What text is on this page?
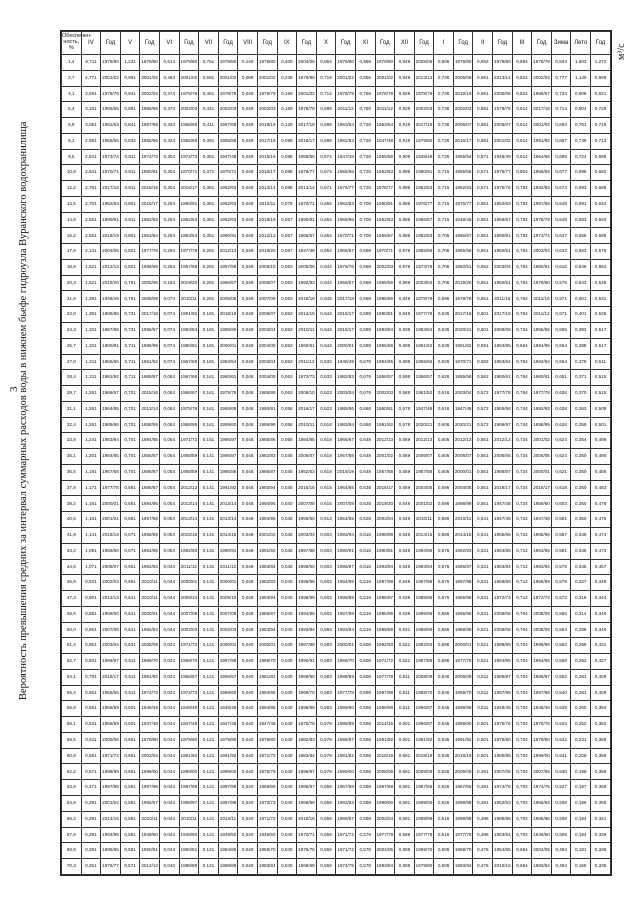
3
Вероятность превышения средних за интервал суммарных расходов воды в нижнем бьефе гидроузла Вуранского водохранилища
м³/с
Обеспечен-ность, %	IV	Год	V	Год	VI	Год	VII	Год	VIII	Год	IX	Год	X	Год	XI	Год	XII	Год	I	Год	II	Год	III	Год	Зима	Лето	Год
1,4	6,711	1979/80	1,231	1979/80	0,614	1979/80	0,761	1979/80	0,149	1979/80	0,400	2004/05	0,864	1979/80	0,958	1979/80	0,949	2005/06	0,806	1979/80	0,692	1979/80	0,884	1978/79	0,843	1,603	1,272
2,7	4,771	2001/02	0,991	2001/02	0,484	2001/02	0,591	2001/02	0,089	2001/02	0,239	1979/80	0,719	2001/02	0,855	2001/02	0,949	2013/14	0,736	2005/06	0,691	2013/14	0,824	2002/03	0,777	1,140	0,999
4,1	3,691	1978/79	0,941	2002/03	0,374	1978/79	0,461	1978/79	0,049	1978/79	0,169	2001/02	0,714	1978/79	0,768	1978/79	0,929	1978/79	0,736	2018/19	0,691	2005/06	0,824	1966/67	0,734	0,908	0,821
5,4	3,161	1965/66	0,881	1965/66	0,374	2002/03	0,441	2002/03	0,049	2002/03	0,169	1978/79	0,689	2011/12	0,768	2011/12	0,929	2002/03	0,736	2002/03	0,691	1978/79	0,814	2017/18	0,714	0,904	0,728
6,8	3,051	1962/63	0,841	1967/68	0,334	1965/66	0,411	1967/68	0,049	2018/19	0,128	2017/18	0,688	1963/64	0,728	1963/64	0,919	2017/18	0,736	2006/07	0,681	2006/07	0,814	2001/02	0,694	0,761	0,718
8,1	2,981	1955/56	0,832	1955/56	0,324	1955/56	0,391	1955/56	0,049	2017/18	0,098	2016/17	0,688	1962/63	0,728	1947/48	0,919	1979/80	0,726	2016/17	0,681	2001/02	0,814	1991/92	0,687	0,746	0,713
9,5	2,841	1973/74	0,811	1972/73	0,304	1972/73	0,381	1947/48	0,049	2015/16	0,088	1955/56	0,674	1947/48	0,728	1955/56	0,909	1948/49	0,726	1955/54	0,671	1948/49	0,814	1964/65	0,685	0,724	0,699
10,8	2,841	1970/71	0,811	1980/81	0,304	1970/71	0,371	1970/71	0,049	2016/17	0,088	1976/77	0,674	1955/56	0,728	1962/63	0,899	1990/91	0,716	1955/56	0,671	1976/77	0,804	1958/59	0,677	0,696	0,692
12,2	2,791	2017/18	0,811	2018/19	0,304	2016/17	0,361	1962/63	0,049	2013/14	0,088	2013/14	0,671	1976/77	0,728	1976/77	0,899	1962/63	0,716	1962/63	0,671	1975/76	0,794	1982/83	0,674	0,693	0,688
13,5	2,701	1962/63	0,801	2016/17	0,294	1990/91	0,361	1962/63	0,049	2010/11	0,078	1970/71	0,655	1962/63	0,708	1990/91	0,889	1976/77	0,716	1976/77	0,661	1962/63	0,794	1967/68	0,648	0,691	0,634
14,9	2,551	1990/91	0,811	1982/83	0,294	1962/63	0,361	1962/63	0,049	2018/19	0,067	1990/91	0,654	1965/66	0,708	1962/63	0,889	1966/67	0,716	1948/49	0,661	1966/67	0,784	1978/79	0,648	0,683	0,593
16,2	2,551	2018/19	0,801	1963/64	0,294	1963/64	0,351	1990/91	0,049	2012/13	0,067	1966/67	0,654	1970/71	0,708	1966/67	0,889	1982/83	0,706	1966/67	0,661	1990/91	0,784	1973/74	0,647	0,656	0,589
17,6	2,141	2004/05	0,801	1977/78	0,294	1977/78	0,291	2012/13	0,049	2019/20	0,067	1947/48	0,654	1966/67	0,698	1970/71	0,879	1965/66	0,706	1965/66	0,661	1950/51	0,784	2003/04	0,633	0,653	0,575
18,9	1,621	2012/13	0,801	1968/69	0,254	1957/58	0,291	1957/58	0,049	2009/10	0,063	2005/06	0,644	1975/76	0,688	2002/03	0,879	1974/75	0,706	1950/51	0,652	2003/04	0,784	1980/81	0,616	0,645	0,554
20,3	1,621	2019/20	0,761	2005/06	0,184	2019/20	0,291	1966/67	0,049	2006/07	0,063	1992/93	0,644	1956/57	0,688	1955/56	0,869	2003/04	0,706	2019/20	0,651	1950/51	0,784	1979/80	0,576	0,643	0,548
21,6	1,391	1948/49	0,761	2008/09	0,074	2010/11	0,291	2005/06	0,049	2007/08	0,063	2018/19	0,648	2017/18	0,688	1985/86	0,849	1978/79	0,696	1978/79	0,651	2011/16	0,764	2011/16	0,571	0,601	0,531
23,0	1,381	1985/86	0,731	2017/18	0,074	1991/92	0,181	2018/19	0,048	2006/07	0,063	2014/15	0,643	2016/17	0,688	1980/81	0,849	1977/78	0,636	2017/18	0,601	2017/18	0,764	2011/12	0,671	0,401	0,528
24,3	1,331	1967/68	0,731	1956/57	0,074	1983/84	0,181	1989/90	0,048	2003/04	0,063	2010/11	0,643	2016/17	0,688	1983/84	0,839	1983/84	0,636	2020/21	0,601	2008/09	0,734	1955/56	0,665	0,393	0,517
25,7	1,331	1980/81	0,711	1998/99	0,074	1980/81	0,181	2000/01	0,048	2004/05	0,063	1960/61	0,643	2000/01	0,688	1965/66	0,699	1961/62	0,636	1961/62	0,591	1994/95	0,664	1994/95	0,664	0,388	0,517
27,0	1,311	1965/66	0,711	1961/62	0,074	1967/68	0,181	1953/54	0,048	2003/04	0,063	2011/12	0,633	1948/49	0,679	1964/65	0,699	1955/56	0,626	1970/71	0,582	1963/64	0,764	1963/64	0,664	0,379	0,511
28,4	1,311	1991/92	0,711	1986/87	0,064	1967/68	0,161	1960/61	0,048	2004/05	0,063	1972/73	0,633	1982/83	0,679	1956/57	0,699	1956/57	0,626	1955/56	0,582	1960/61	0,754	1960/61	0,651	0,371	0,515
29,7	1,261	1966/67	0,701	2015/16	0,064	1966/67	0,161	1975/76	0,048	1985/86	0,063	2009/10	0,623	2003/04	0,679	2002/03	0,689	1951/52	0,616	2003/04	0,572	1977/78	0,754	1977/78	0,636	0,370	0,515
31,1	1,261	1964/65	0,701	2013/14	0,064	1975/76	0,161	1968/69	0,048	1990/91	0,058	2016/17	0,623	1985/86	0,668	1960/61	0,679	1947/48	0,616	1947/48	0,572	1955/56	0,744	1992/93	0,628	0,363	0,508
32,4	1,261	1985/86	0,701	1958/59	0,064	1968/69	0,161	1959/60	0,048	1995/96	0,058	2010/11	0,618	1983/84	0,658	1991/92	0,679	2020/21	0,606	2020/21	0,572	1996/97	0,744	1998/99	0,626	0,359	0,501
33,8	1,241	1983/84	0,701	1994/95	0,064	1971/72	0,161	1996/97	0,048	1985/86	0,058	1984/85	0,618	1966/67	0,648	2012/13	0,669	2012/13	0,606	2012/13	0,561	2012/13	0,734	2001/02	0,624	0,354	0,498
35,1	1,201	1984/85	0,701	1956/57	0,064	1958/59	0,141	1986/87	0,048	1982/83	0,048	2006/07	0,618	1957/58	0,648	2001/02	0,669	2006/07	0,606	2006/07	0,561	2005/06	0,734	2005/06	0,624	0,350	0,495
36,5	1,191	1957/58	0,701	1986/87	0,054	1958/59	0,141	1985/86	0,048	1986/87	0,048	1952/53	0,618	2018/19	0,648	1957/58	0,659	1957/58	0,606	2000/01	0,561	1986/87	0,724	2000/01	0,621	0,350	0,485
37,8	1,171	1977/78	0,681	1986/87	0,054	2012/13	0,141	1991/92	0,048	1993/94	0,048	2015/16	0,615	1964/65	0,638	2016/17	0,659	2004/05	0,596	2004/05	0,551	2016/17	0,724	2016/17	0,618	0,350	0,483
39,2	1,161	2000/01	0,681	1994/95	0,054	2013/14	0,141	2013/14	0,048	1994/95	0,040	2007/08	0,615	2007/08	0,628	2019/20	0,649	2001/02	0,596	1998/99	0,551	1947/48	0,724	1959/60	0,603	0,350	0,478
40,5	1,161	2001/01	0,681	1957/58	0,054	2013/14	0,141	2013/14	0,048	1994/95	0,040	1959/60	0,613	1954/55	0,628	2003/04	0,649	2010/11	0,586	2010/11	0,541	1947/48	0,724	1947/48	0,591	0,350	0,475
41,9	1,141	2018/19	0,671	1958/59	0,054	2015/16	0,141	2014/15	0,048	2001/02	0,040	2003/04	0,603	1993/94	0,618	1998/99	0,649	2014/15	0,586	2014/15	0,541	1965/66	0,724	1965/66	0,587	0,349	0,474
43,2	1,091	1959/60	0,671	1964/65	0,054	1992/93	0,131	1990/91	0,048	1991/92	0,040	1997/98	0,603	1990/91	0,618	1990/91	0,649	1994/95	0,576	1992/93	0,531	1964/65	0,714	1964/65	0,581	0,346	0,473
44,6	1,071	2006/07	0,661	1962/63	0,044	2011/12	0,131	2011/12	0,048	1983/84	0,040	1999/00	0,603	1996/97	0,618	1993/94	0,649	1993/94	0,576	1986/87	0,531	1983/84	0,714	1983/84	0,578	0,345	0,457
45,9	0,931	2002/03	0,661	2010/11	0,044	2000/01	0,131	2000/01	0,048	1982/83	0,040	1995/96	0,603	1994/95	0,618	1997/98	0,649	1997/98	0,576	1997/98	0,531	1968/69	0,714	1968/69	0,578	0,327	0,449
47,3	0,901	2012/13	0,641	2010/11	0,044	2009/10	0,131	2009/10	0,048	1993/94	0,040	1998/99	0,603	1998/99	0,618	1996/97	0,639	1985/86	0,576	1985/86	0,531	1972/73	0,714	1972/73	0,572	0,318	0,444
48,6	0,881	1999/00	0,641	2000/01	0,044	2007/08	0,131	2007/08	0,048	1986/87	0,040	1994/95	0,603	1997/98	0,618	1995/96	0,639	1995/96	0,566	1995/96	0,531	2008/09	0,704	2008/09	0,566	0,314	0,440
50,0	0,861	2007/08	0,641	1955/54	0,044	2002/03	0,131	2002/03	0,048	1983/84	0,040	1993/94	0,593	1993/94	0,618	1988/89	0,631	1988/89	0,566	1988/89	0,521	2008/09	0,704	2008/09	0,564	0,298	0,440
51,4	0,851	2003/04	0,631	2008/09	0,044	1971/72	0,121	2000/01	0,040	2000/01	0,040	1987/88	0,593	2000/01	0,608	1992/93	0,621	1992/93	0,566	2000/01	0,521	1998/99	0,704	1998/99	0,562	0,296	0,431
52,7	0,831	1996/97	0,611	1969/70	0,044	1969/70	0,121	1997/98	0,040	1969/70	0,040	1990/91	0,593	1969/70	0,608	1971/72	0,621	1987/88	0,566	1977/78	0,521	1994/95	0,704	1994/95	0,559	0,292	0,427
54,1	0,791	2016/17	0,611	1981/82	0,044	1956/57	0,121	1956/57	0,040	1981/82	0,040	1989/90	0,583	1988/89	0,608	1977/78	0,611	2008/09	0,546	2008/09	0,511	1986/87	0,704	1986/87	0,552	0,281	0,409
55,4	0,661	1955/56	0,611	1972/73	0,044	1972/73	0,121	1959/60	0,040	1994/95	0,040	1969/70	0,583	1977/78	0,598	1997/98	0,611	1969/70	0,546	1969/70	0,511	1997/98	0,704	1997/98	0,540	0,281	0,409
56,8	0,651	1958/59	0,601	1948/49	0,044	1948/49	0,121	1948/49	0,040	1994/95	0,040	1998/99	0,583	1989/90	0,598	1998/99	0,611	1996/97	0,546	1998/99	0,511	1948/49	0,704	1948/49	0,539	0,260	0,384
58,1	0,631	1958/59	0,601	1947/48	0,044	1947/48	0,121	1947/48	0,040	1947/48	0,040	1975/76	0,578	1988/89	0,598	2014/15	0,601	1996/97	0,546	1999/00	0,501	1975/76	0,704	1975/76	0,534	0,252	0,382
59,5	0,611	2005/06	0,591	1979/80	0,044	1979/80	0,121	1979/80	0,040	1979/80	0,040	1982/83	0,578	1996/97	0,598	1991/92	0,601	1991/92	0,536	1991/92	0,501	1979/80	0,704	1979/80	0,532	0,231	0,369
60,8	0,591	1971/72	0,591	2003/04	0,044	1991/92	0,121	1991/92	0,040	1971/72	0,040	1983/84	0,578	1981/82	0,598	2018/19	0,591	2018/19	0,536	2018/19	0,501	1985/86	0,704	1999/00	0,531	0,209	0,359
62,2	0,571	1998/99	0,591	1999/00	0,044	1999/00	0,121	1999/00	0,040	1975/76	0,040	1996/97	0,578	1999/00	0,598	2008/09	0,591	2008/09	0,526	2008/09	0,491	2007/08	0,704	2007/08	0,530	0,199	0,359
63,5	0,471	1997/98	0,591	1997/98	0,044	1997/98	0,121	1997/98	0,040	1968/69	0,040	1986/87	0,568	1967/68	0,588	1967/68	0,591	1967/68	0,526	1967/68	0,491	1974/75	0,704	1974/75	0,527	0,197	0,359
64,9	0,291	2001/02	0,581	1966/67	0,044	1996/97	0,121	1987/88	0,040	1972/73	0,040	1988/89	0,568	1992/93	0,588	1999/00	0,591	1999/00	0,526	1998/99	0,491	1952/53	0,704	1966/64	0,508	0,196	0,355
66,2	0,291	2014/15	0,581	2010/11	0,044	2010/11	0,121	2010/11	0,040	1971/72	0,040	2015/16	0,568	1986/87	0,588	2003/04	0,591	1998/99	0,516	1998/99	0,486	1985/86	0,704	1985/86	0,508	0,194	0,341
67,6	0,291	1994/95	0,581	1949/50	0,044	1949/50	0,121	1949/50	0,040	1949/50	0,040	1970/71	0,568	1971/72	0,578	1977/78	0,589	1977/78	0,516	1977/78	0,486	1953/54	0,704	1949/50	0,505	0,194	0,339
68,9	0,291	1995/96	0,581	1950/51	0,044	1950/51	0,121	1984/85	0,040	1969/70	0,040	1975/76	0,568	1971/72	0,578	2004/05	0,589	1969/70	0,506	1969/70	0,476	1954/55	0,694	2004/05	0,494	0,181	0,336
70,3	0,251	1976/77	0,571	2012/13	0,040	1988/89	0,121	1988/89	0,040	1983/84	0,040	1968/69	0,568	1974/75	0,578	1983/84	0,589	1979/80	0,506	1983/84	0,476	2015/16	0,694	1983/84	0,494	0,166	0,335
